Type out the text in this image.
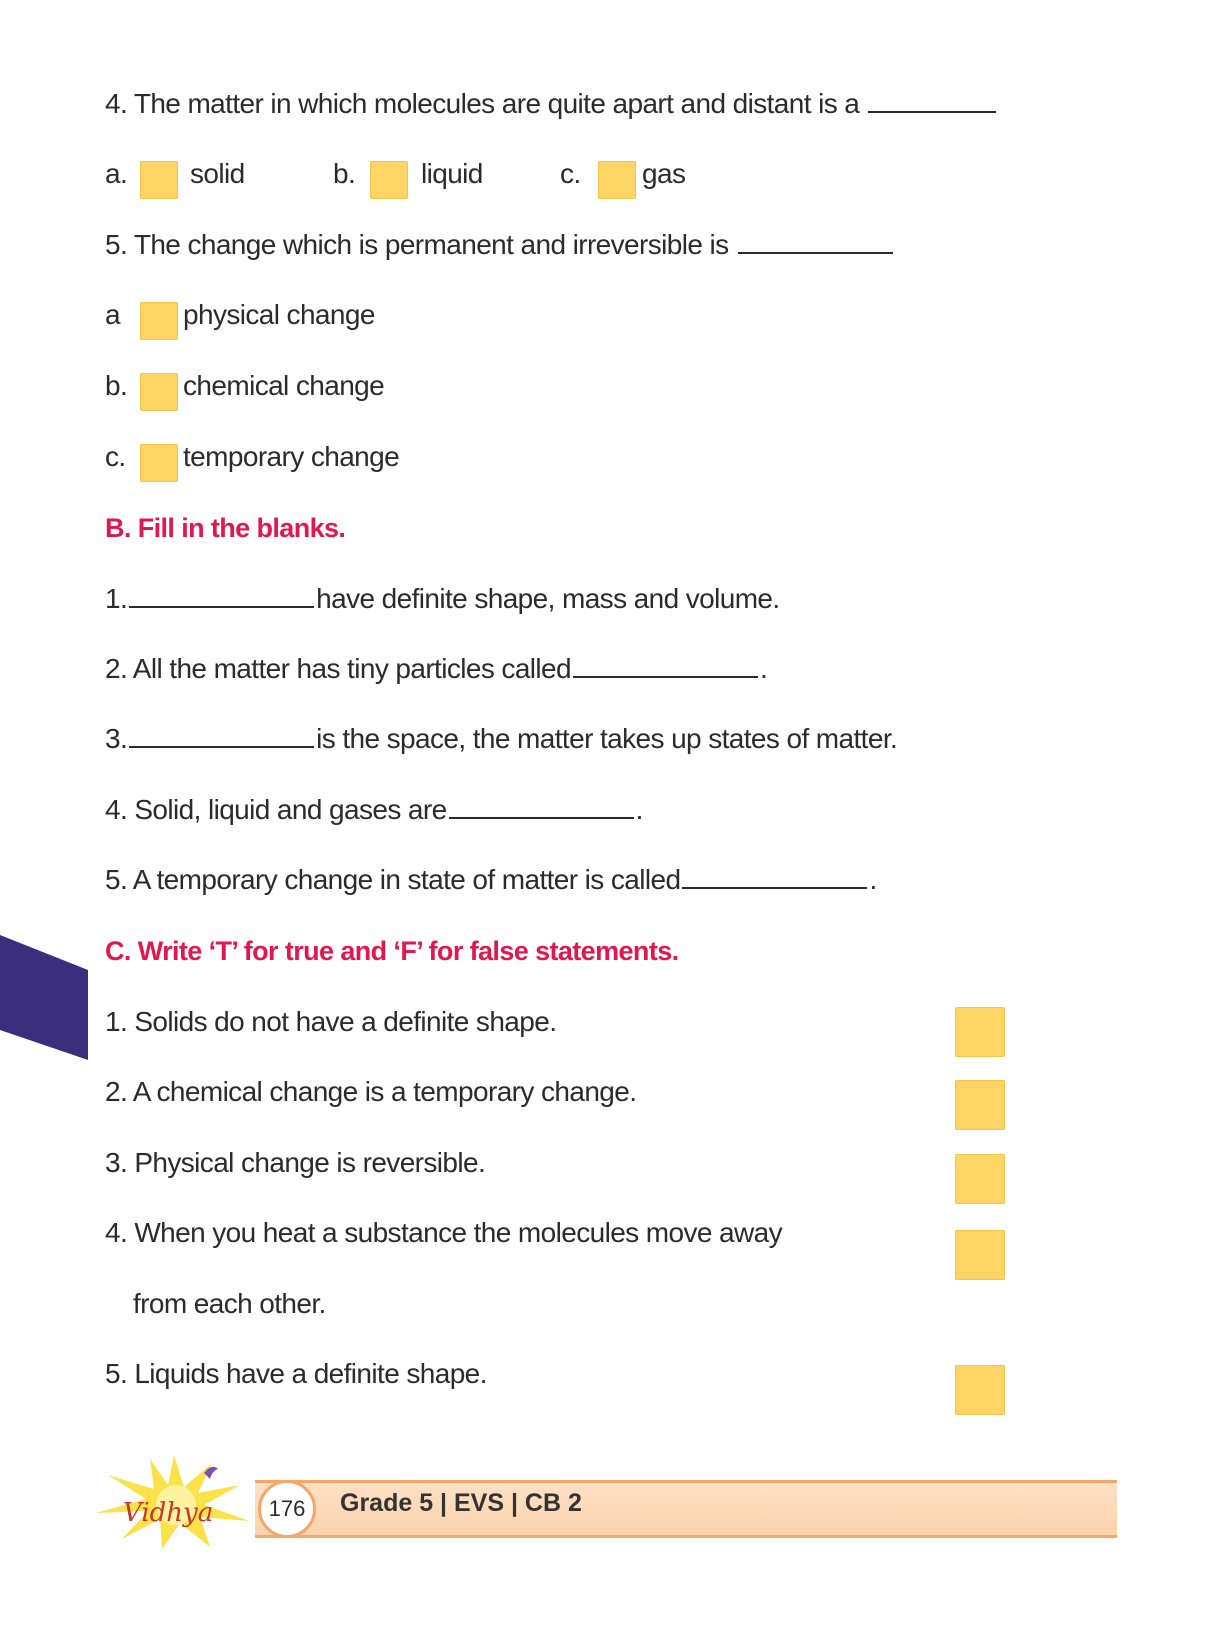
4. The matter in which molecules are quite apart and distant is a
a. solid	b. liquid	c. gas
5. The change which is permanent and irreversible is
a physical change
b. chemical change
c. temporary change
B. Fill in the blanks.
1.	have definite shape, mass and volume.
2. All the matter has tiny particles called	.
3.	is the space, the matter takes up states of matter.
4. Solid, liquid and gases are	.
5. A temporary change in state of matter is called	.
C. Write ‘T’ for true and ‘F’ for false statements.
1. Solids do not have a definite shape.
2. A chemical change is a temporary change.
3. Physical change is reversible.
4. When you heat a substance the molecules move away
from each other.
5. Liquids have a definite shape.
Vidhya	176	Grade 5 | EVS | CB 2
